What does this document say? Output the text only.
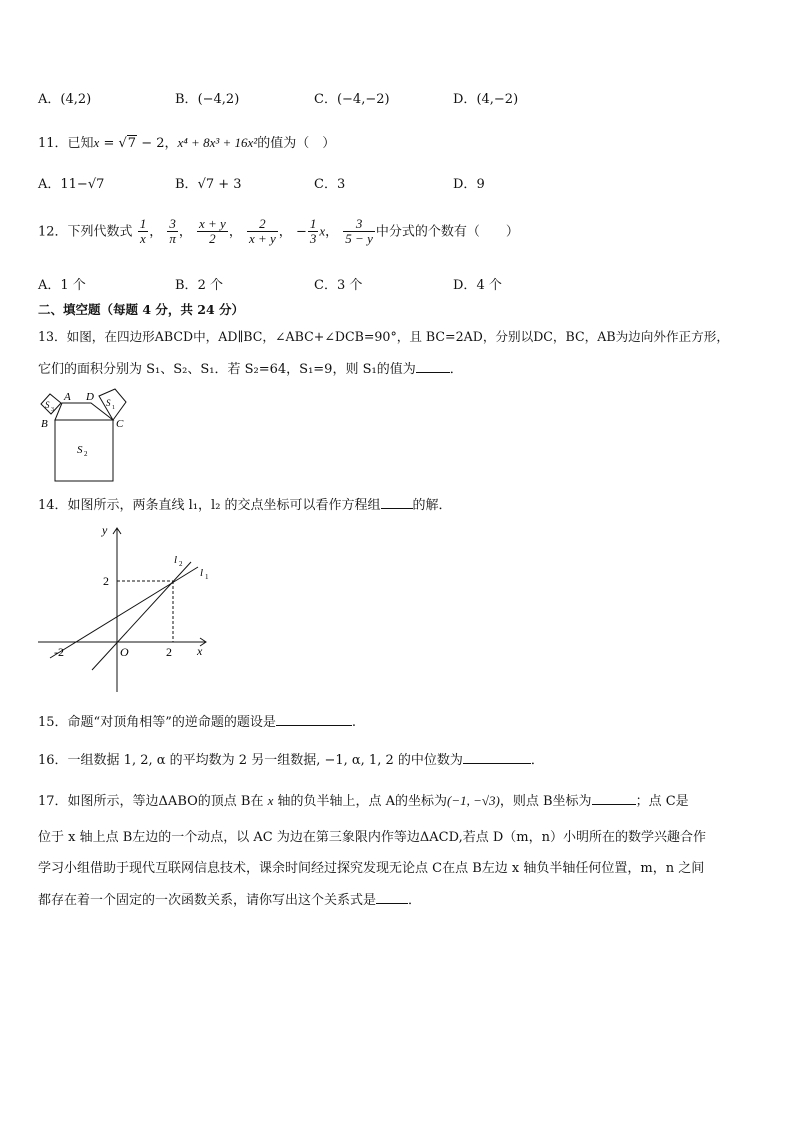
A．(4,2)	B．(−4,2)	C．(−4,−2)	D．(4,−2)
11．已知x = √7 − 2，x⁴ + 8x³ + 16x²的值为（　）
A．11−√7	B．√7 + 3	C．3	D．9
12．下列代数式 $\frac{1}{x}$ ， $\frac{3}{\pi}$ ， $\frac{x + y}{2}$ ， $\frac{2}{x + y}$ ， − $\frac{1}{3}$ x， $\frac{3}{5 - y}$ 中分式的个数有（　　）
A．1 个	B．2 个	C．3 个	D．4 个
二、填空题（每题 4 分，共 24 分）
13．如图，在四边形ABCD中，AD∥BC，∠ABC+∠DCB=90°，且 BC=2AD，分别以DC，BC，AB为边向外作正方形，
它们的面积分别为 S₁、S₂、S₁．若 S₂=64，S₁=9，则 S₁的值为	．
A D
B	C
S 3
S 1
S 2
14．如图所示，两条直线 l₁，l₂ 的交点坐标可以看作方程组 的解．
y
x
O
-2	2
2
l 2
l 1
15．命题“对顶角相等”的逆命题的题设是	.
16．一组数据 1, 2, α 的平均数为 2 另一组数据, −1, α, 1, 2 的中位数为	．
17．如图所示，等边ΔABO的顶点 B在 x 轴的负半轴上，点 A的坐标为(−1, −√3)，则点 B坐标为	；点 C是
位于 x 轴上点 B左边的一个动点，以 AC 为边在第三象限内作等边ΔACD,若点 D（m，n）小明所在的数学兴趣合作
学习小组借助于现代互联网信息技术，课余时间经过探究发现无论点 C在点 B左边 x 轴负半轴任何位置，m，n 之间
都存在着一个固定的一次函数关系，请你写出这个关系式是 ．
